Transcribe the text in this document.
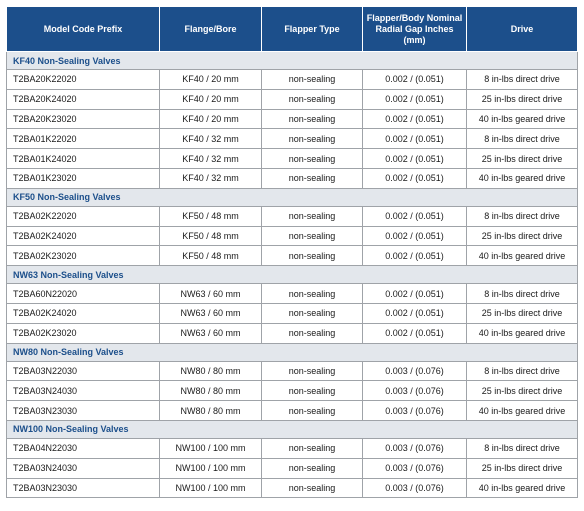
Model Code Prefix	Flange/Bore	Flapper Type	Flapper/Body Nominal Radial Gap Inches (mm)	Drive
KF40 Non-Sealing Valves				
T2BA20K22020	KF40 / 20 mm	non-sealing	0.002 / (0.051)	8 in-lbs direct drive
T2BA20K24020	KF40 / 20 mm	non-sealing	0.002 / (0.051)	25 in-lbs direct drive
T2BA20K23020	KF40 / 20 mm	non-sealing	0.002 / (0.051)	40 in-lbs geared drive
T2BA01K22020	KF40 / 32 mm	non-sealing	0.002 / (0.051)	8 in-lbs direct drive
T2BA01K24020	KF40 / 32 mm	non-sealing	0.002 / (0.051)	25 in-lbs direct drive
T2BA01K23020	KF40 / 32 mm	non-sealing	0.002 / (0.051)	40 in-lbs geared drive
KF50 Non-Sealing Valves				
T2BA02K22020	KF50 / 48 mm	non-sealing	0.002 / (0.051)	8 in-lbs direct drive
T2BA02K24020	KF50 / 48 mm	non-sealing	0.002 / (0.051)	25 in-lbs direct drive
T2BA02K23020	KF50 / 48 mm	non-sealing	0.002 / (0.051)	40 in-lbs geared drive
NW63 Non-Sealing Valves				
T2BA60N22020	NW63 / 60 mm	non-sealing	0.002 / (0.051)	8 in-lbs direct drive
T2BA02K24020	NW63 / 60 mm	non-sealing	0.002 / (0.051)	25 in-lbs direct drive
T2BA02K23020	NW63 / 60 mm	non-sealing	0.002 / (0.051)	40 in-lbs geared drive
NW80 Non-Sealing Valves				
T2BA03N22030	NW80 / 80 mm	non-sealing	0.003 / (0.076)	8 in-lbs direct drive
T2BA03N24030	NW80 / 80 mm	non-sealing	0.003 / (0.076)	25 in-lbs direct drive
T2BA03N23030	NW80 / 80 mm	non-sealing	0.003 / (0.076)	40 in-lbs geared drive
NW100 Non-Sealing Valves				
T2BA04N22030	NW100 / 100 mm	non-sealing	0.003 / (0.076)	8 in-lbs direct drive
T2BA03N24030	NW100 / 100 mm	non-sealing	0.003 / (0.076)	25 in-lbs direct drive
T2BA03N23030	NW100 / 100 mm	non-sealing	0.003 / (0.076)	40 in-lbs geared drive
